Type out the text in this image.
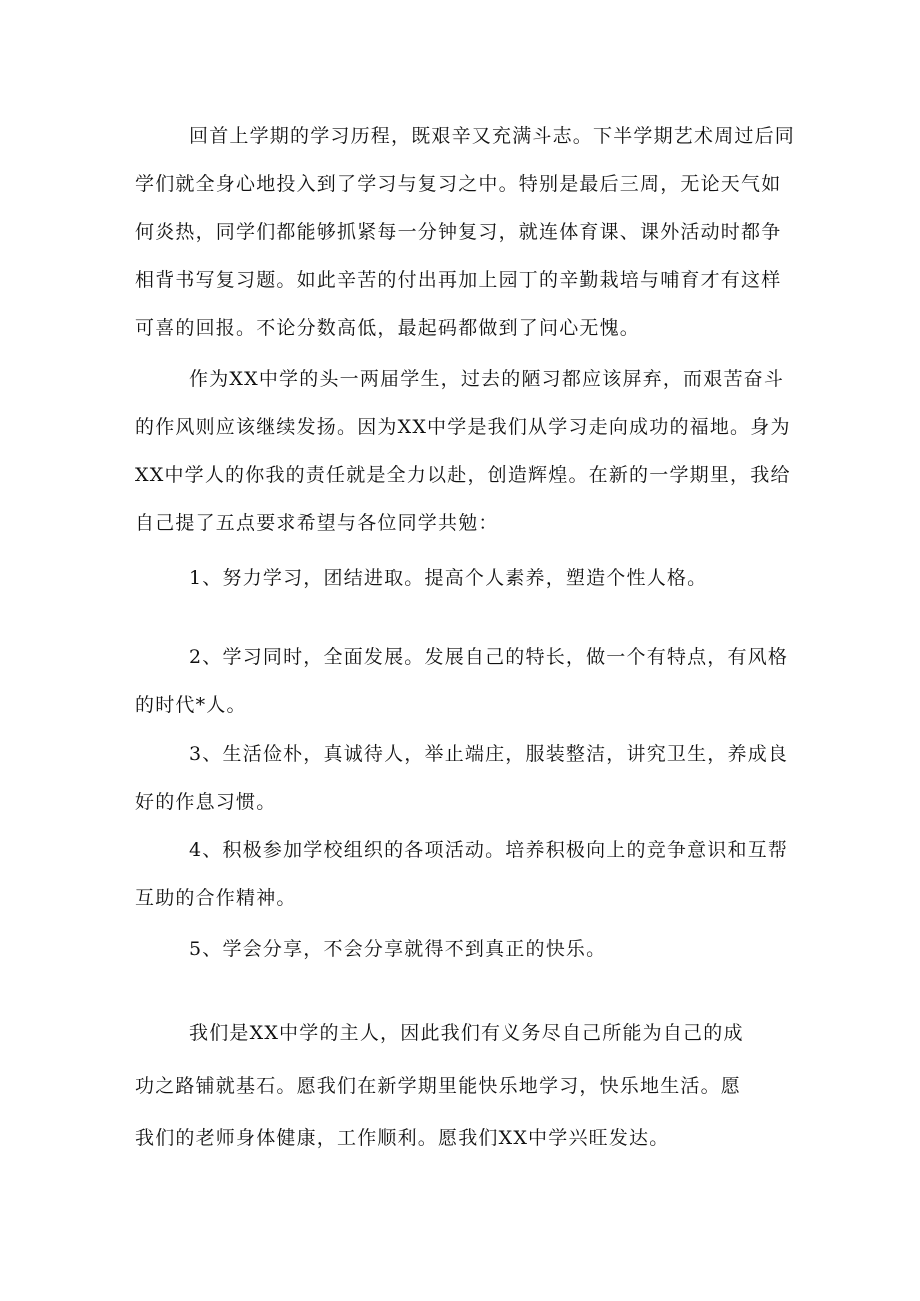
回首上学期的学习历程，既艰辛又充满斗志。下半学期艺术周过后同
学们就全身心地投入到了学习与复习之中。特别是最后三周，无论天气如
何炎热，同学们都能够抓紧每一分钟复习，就连体育课、课外活动时都争
相背书写复习题。如此辛苦的付出再加上园丁的辛勤栽培与哺育才有这样
可喜的回报。不论分数高低，最起码都做到了问心无愧。
作为XX中学的头一两届学生，过去的陋习都应该屏弃，而艰苦奋斗
的作风则应该继续发扬。因为XX中学是我们从学习走向成功的福地。身为
XX中学人的你我的责任就是全力以赴，创造辉煌。在新的一学期里，我给
自己提了五点要求希望与各位同学共勉：
1、努力学习，团结进取。提高个人素养，塑造个性人格。
2、学习同时，全面发展。发展自己的特长，做一个有特点，有风格
的时代*人。
3、生活俭朴，真诚待人，举止端庄，服装整洁，讲究卫生，养成良
好的作息习惯。
4、积极参加学校组织的各项活动。培养积极向上的竞争意识和互帮
互助的合作精神。
5、学会分享，不会分享就得不到真正的快乐。
我们是XX中学的主人，因此我们有义务尽自己所能为自己的成
功之路铺就基石。愿我们在新学期里能快乐地学习，快乐地生活。愿
我们的老师身体健康，工作顺利。愿我们XX中学兴旺发达。
